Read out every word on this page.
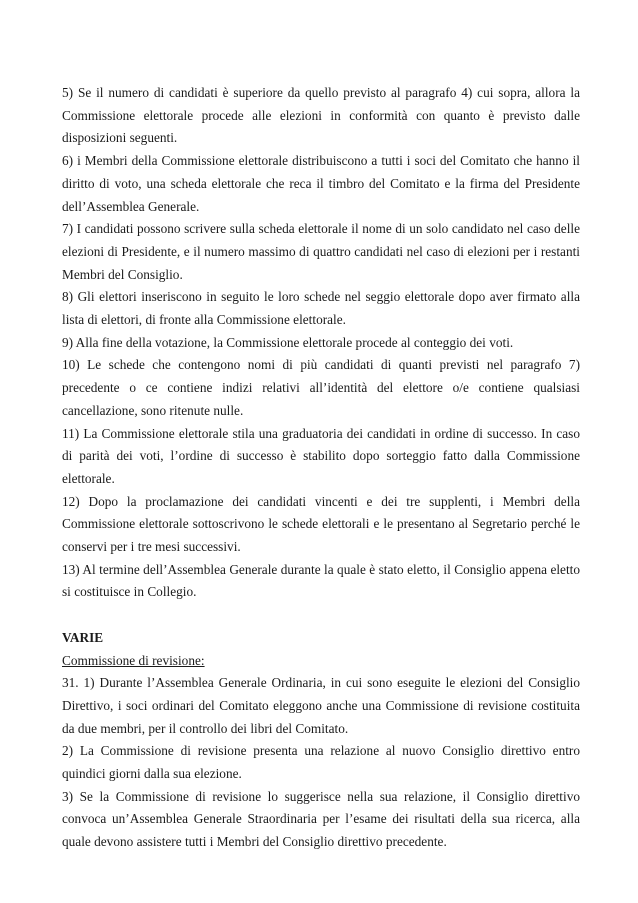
5) Se il numero di candidati è superiore da quello previsto al paragrafo 4) cui sopra, allora la Commissione elettorale procede alle elezioni in conformità con quanto è previsto dalle disposizioni seguenti.

6) i Membri della Commissione elettorale distribuiscono a tutti i soci del Comitato che hanno il diritto di voto, una scheda elettorale che reca il timbro del Comitato e la firma del Presidente dell’Assemblea Generale.

7) I candidati possono scrivere sulla scheda elettorale il nome di un solo candidato nel caso delle elezioni di Presidente, e il numero massimo di quattro candidati nel caso di elezioni per i restanti Membri del Consiglio.

8) Gli elettori inseriscono in seguito le loro schede nel seggio elettorale dopo aver firmato alla lista di elettori, di fronte alla Commissione elettorale.

9) Alla fine della votazione, la Commissione elettorale procede al conteggio dei voti.

10) Le schede che contengono nomi di più candidati di quanti previsti nel paragrafo 7) precedente o ce contiene indizi relativi all’identità del elettore o/e contiene qualsiasi cancellazione, sono ritenute nulle.

11) La Commissione elettorale stila una graduatoria dei candidati in ordine di successo. In caso di parità dei voti, l’ordine di successo è stabilito dopo sorteggio fatto dalla Commissione elettorale.

12) Dopo la proclamazione dei candidati vincenti e dei tre supplenti, i Membri della Commissione elettorale sottoscrivono le schede elettorali e le presentano al Segretario perché le conservi per i tre mesi successivi.

13) Al termine dell’Assemblea Generale durante la quale è stato eletto, il Consiglio appena eletto si costituisce in Collegio.

VARIE

Commissione di revisione:

31. 1) Durante l’Assemblea Generale Ordinaria, in cui sono eseguite le elezioni del Consiglio Direttivo, i soci ordinari del Comitato eleggono anche una Commissione di revisione costituita da due membri, per il controllo dei libri del Comitato.

2) La Commissione di revisione presenta una relazione al nuovo Consiglio direttivo entro quindici giorni dalla sua elezione.

3) Se la Commissione di revisione lo suggerisce nella sua relazione, il Consiglio direttivo convoca un’Assemblea Generale Straordinaria per l’esame dei risultati della sua ricerca, alla quale devono assistere tutti i Membri del Consiglio direttivo precedente.
